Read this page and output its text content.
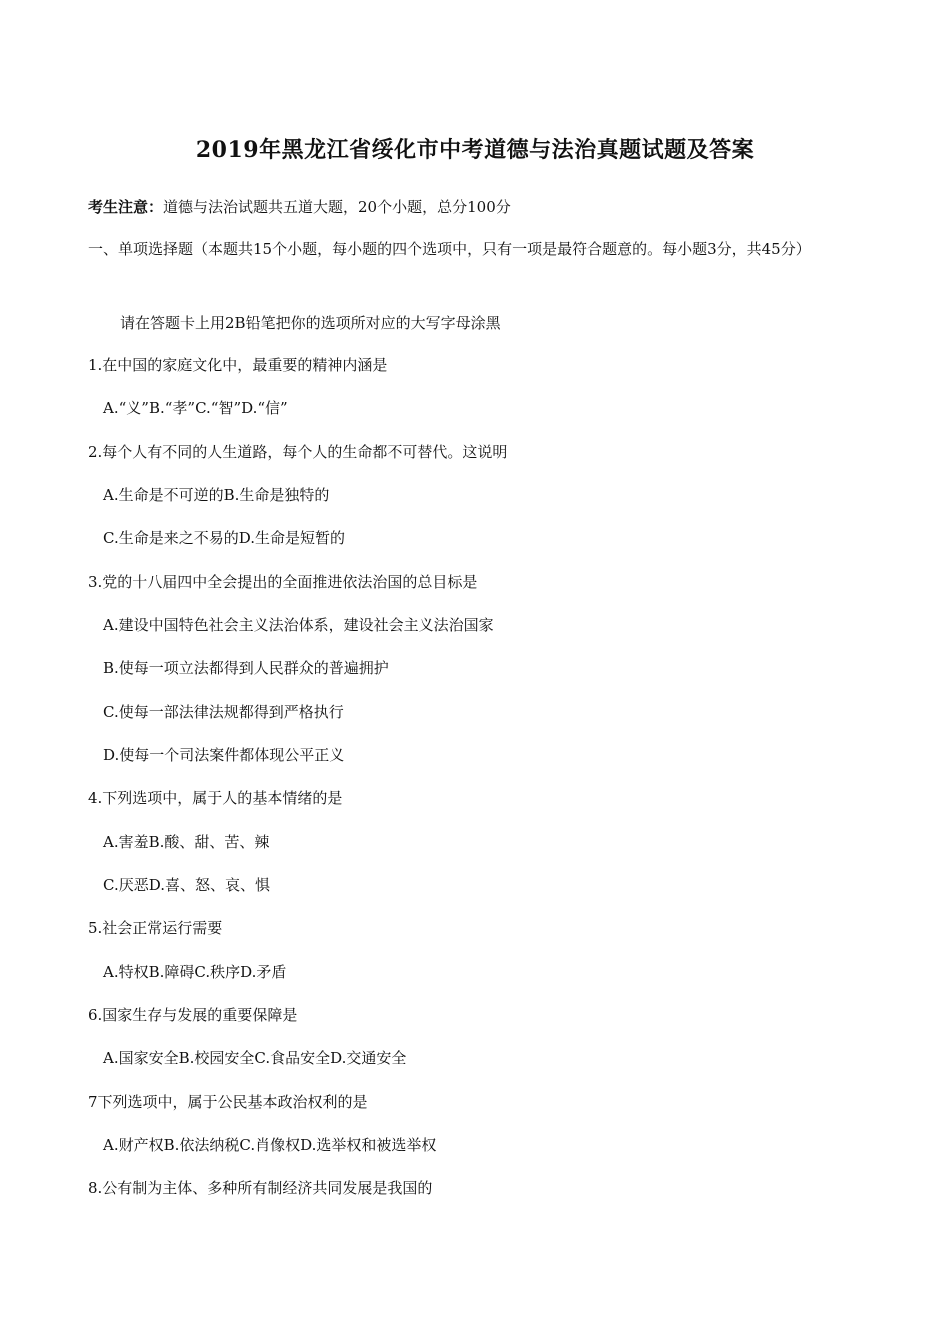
2019年黑龙江省绥化市中考道德与法治真题试题及答案
考生注意：道德与法治试题共五道大题，20个小题，总分100分
一、单项选择题（本题共15个小题，每小题的四个选项中，只有一项是最符合题意的。每小题3分，共45分）
请在答题卡上用2B铅笔把你的选项所对应的大写字母涂黑
1.在中国的家庭文化中，最重要的精神内涵是
A.“义”B.“孝”C.“智”D.“信”
2.每个人有不同的人生道路，每个人的生命都不可替代。这说明
A.生命是不可逆的B.生命是独特的
C.生命是来之不易的D.生命是短暂的
3.党的十八届四中全会提出的全面推进依法治国的总目标是
A.建设中国特色社会主义法治体系，建设社会主义法治国家
B.使每一项立法都得到人民群众的普遍拥护
C.使每一部法律法规都得到严格执行
D.使每一个司法案件都体现公平正义
4.下列选项中，属于人的基本情绪的是
A.害羞B.酸、甜、苦、辣
C.厌恶D.喜、怒、哀、惧
5.社会正常运行需要
A.特权B.障碍C.秩序D.矛盾
6.国家生存与发展的重要保障是
A.国家安全B.校园安全C.食品安全D.交通安全
7下列选项中，属于公民基本政治权利的是
A.财产权B.依法纳税C.肖像权D.选举权和被选举权
8.公有制为主体、多种所有制经济共同发展是我国的
